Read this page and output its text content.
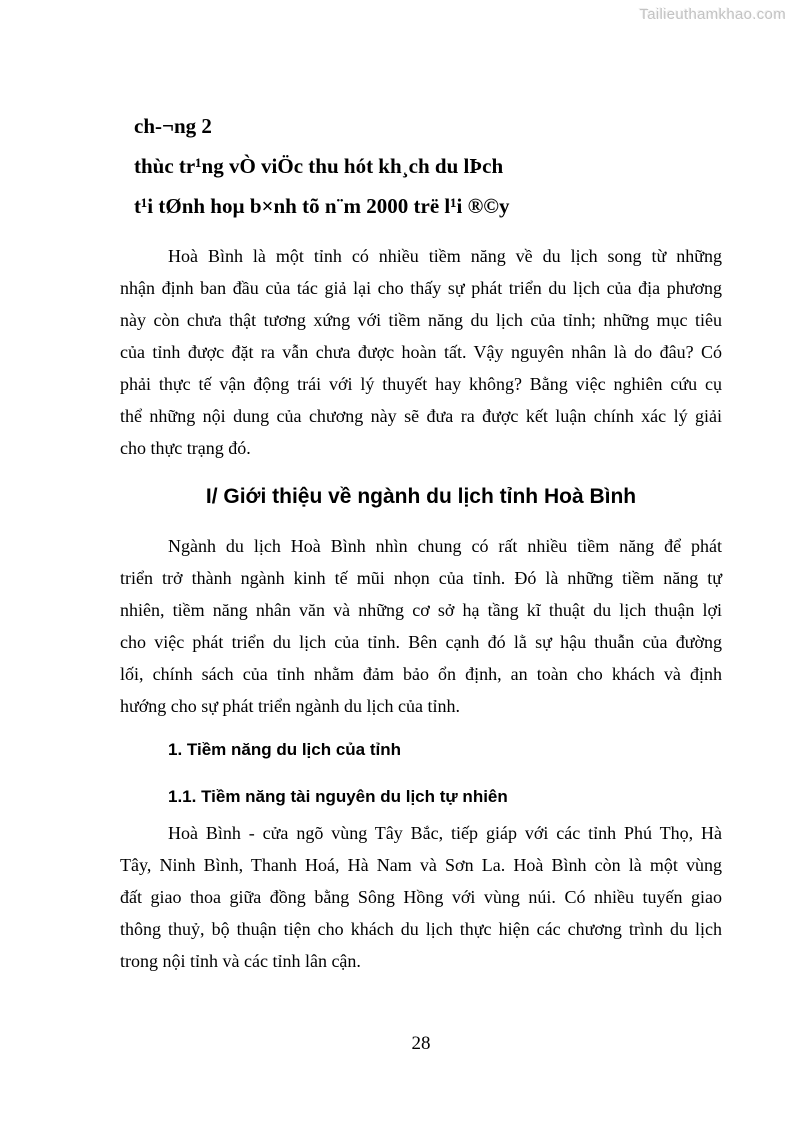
Tailieuthamkhao.com
ch-¬ng 2
thùc tr¹ng vÒ viÖc thu hót kh¸ch du lÞch
t¹i tØnh hoµ b×nh tõ n¨m 2000 trë l¹i ®©y
Hoà Bình là một tỉnh có nhiều tiềm năng về du lịch song từ những
nhận định ban đầu của tác giả lại cho thấy sự phát triển du lịch của địa phương
này còn chưa thật tương xứng với tiềm năng du lịch của tỉnh; những mục tiêu
của tỉnh được đặt ra vẫn chưa được hoàn tất. Vậy nguyên nhân là do đâu? Có
phải thực tế vận động trái với lý thuyết hay không? Bằng việc nghiên cứu cụ
thể những nội dung của chương này sẽ đưa ra được kết luận chính xác lý giải
cho thực trạng đó.
I/ Giới thiệu về ngành du lịch tỉnh Hoà Bình
Ngành du lịch Hoà Bình nhìn chung có rất nhiều tiềm năng để phát
triển trở thành ngành kinh tế mũi nhọn của tỉnh. Đó là những tiềm năng tự
nhiên, tiềm năng nhân văn và những cơ sở hạ tầng kĩ thuật du lịch thuận lợi
cho việc phát triển du lịch của tỉnh. Bên cạnh đó lằ sự hậu thuẫn của đường
lối, chính sách của tỉnh nhằm đảm bảo ổn định, an toàn cho khách và định
hướng cho sự phát triển ngành du lịch của tỉnh.
1. Tiềm năng du lịch của tỉnh
1.1. Tiềm năng tài nguyên du lịch tự nhiên
Hoà Bình - cửa ngõ vùng Tây Bắc, tiếp giáp với các tỉnh Phú Thọ, Hà
Tây, Ninh Bình, Thanh Hoá, Hà Nam và Sơn La. Hoà Bình còn là một vùng
đất giao thoa giữa đồng bằng Sông Hồng với vùng núi. Có nhiều tuyến giao
thông thuỷ, bộ thuận tiện cho khách du lịch thực hiện các chương trình du lịch
trong nội tỉnh và các tỉnh lân cận.
28
